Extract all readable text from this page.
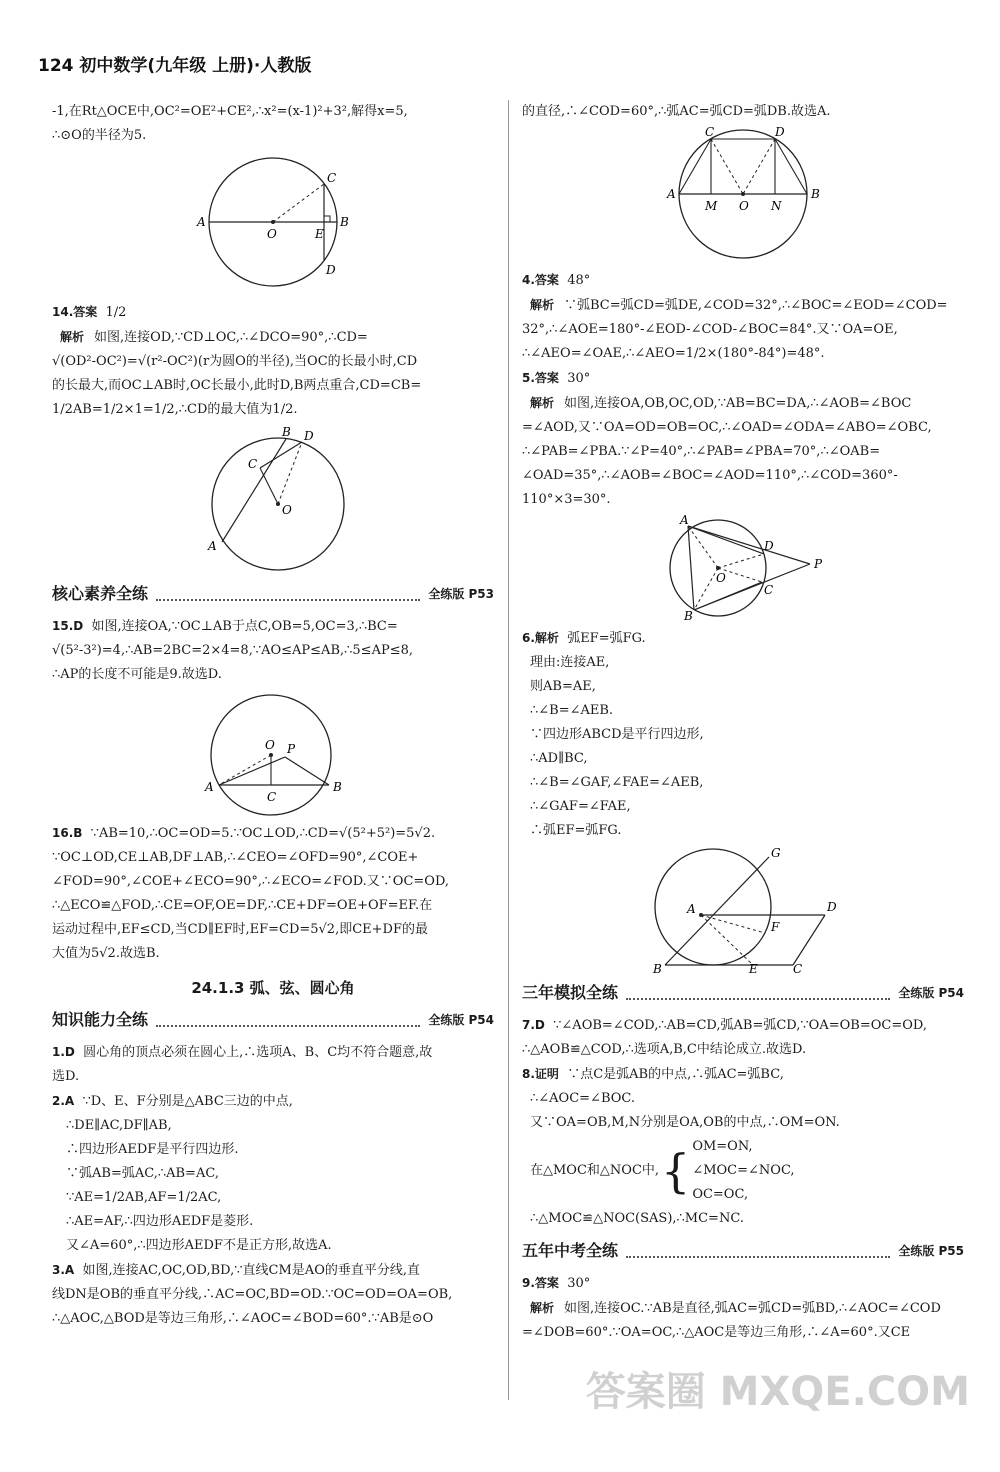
124 初中数学(九年级 上册)·人教版
-1,在Rt△OCE中,OC²=OE²+CE²,∴x²=(x-1)²+3²,解得x=5,
∴⊙O的半径为5.
A
O	E
B
C
D
14.答案 1/2
解析 如图,连接OD,∵CD⊥OC,∴∠DCO=90°,∴CD=
√(OD²-OC²)=√(r²-OC²)(r为圆O的半径),当OC的长最小时,CD
的长最大,而OC⊥AB时,OC长最小,此时D,B两点重合,CD=CB=
1/2AB=1/2×1=1/2,∴CD的最大值为1/2.
B D
C
O
A
核心素养全练	全练版 P53
15.D 如图,连接OA,∵OC⊥AB于点C,OB=5,OC=3,∴BC=
√(5²-3²)=4,∴AB=2BC=2×4=8,∵AO≤AP≤AB,∴5≤AP≤8,
∴AP的长度不可能是9.故选D.
O P
A
C
B
16.B ∵AB=10,∴OC=OD=5.∵OC⊥OD,∴CD=√(5²+5²)=5√2.
∵OC⊥OD,CE⊥AB,DF⊥AB,∴∠CEO=∠OFD=90°,∠COE+
∠FOD=90°,∠COE+∠ECO=90°,∴∠ECO=∠FOD.又∵OC=OD,
∴△ECO≌△FOD,∴CE=OF,OE=DF,∴CE+DF=OE+OF=EF.在
运动过程中,EF≤CD,当CD∥EF时,EF=CD=5√2,即CE+DF的最
大值为5√2.故选B.
24.1.3 弧、弦、圆心角
知识能力全练	全练版 P54
1.D 圆心角的顶点必须在圆心上,∴选项A、B、C均不符合题意,故
选D.
2.A ∵D、E、F分别是△ABC三边的中点,
∴DE∥AC,DF∥AB,
∴四边形AEDF是平行四边形.
∵弧AB=弧AC,∴AB=AC,
∵AE=1/2AB,AF=1/2AC,
∴AE=AF,∴四边形AEDF是菱形.
又∠A=60°,∴四边形AEDF不是正方形,故选A.
3.A 如图,连接AC,OC,OD,BD,∵直线CM是AO的垂直平分线,直
线DN是OB的垂直平分线,∴AC=OC,BD=OD.∵OC=OD=OA=OB,
∴△AOC,△BOD是等边三角形,∴∠AOC=∠BOD=60°.∵AB是⊙O
的直径,∴∠COD=60°,∴弧AC=弧CD=弧DB.故选A.
C	D
A
M O N
B
4.答案 48°
解析 ∵弧BC=弧CD=弧DE,∠COD=32°,∴∠BOC=∠EOD=∠COD=
32°,∴∠AOE=180°-∠EOD-∠COD-∠BOC=84°.又∵OA=OE,
∴∠AEO=∠OAE,∴∠AEO=1/2×(180°-84°)=48°.
5.答案 30°
解析 如图,连接OA,OB,OC,OD,∵AB=BC=DA,∴∠AOB=∠BOC
=∠AOD,又∵OA=OD=OB=OC,∴∠OAD=∠ODA=∠ABO=∠OBC,
∴∠PAB=∠PBA.∵∠P=40°,∴∠PAB=∠PBA=70°,∴∠OAB=
∠OAD=35°,∴∠AOB=∠BOC=∠AOD=110°,∴∠COD=360°-
110°×3=30°.
A
D
P
O
C
B
6.解析 弧EF=弧FG.
理由:连接AE,
则AB=AE,
∴∠B=∠AEB.
∵四边形ABCD是平行四边形,
∴AD∥BC,
∴∠B=∠GAF,∠FAE=∠AEB,
∴∠GAF=∠FAE,
∴弧EF=弧FG.
G
A	D
F
B	E	C
三年模拟全练	全练版 P54
7.D ∵∠AOB=∠COD,∴AB=CD,弧AB=弧CD,∵OA=OB=OC=OD,
∴△AOB≌△COD,∴选项A,B,C中结论成立.故选D.
8.证明 ∵点C是弧AB的中点,∴弧AC=弧BC,
∴∠AOC=∠BOC.
又∵OA=OB,M,N分别是OA,OB的中点,∴OM=ON.
在△MOC和△NOC中, { OM=ON,
∠MOC=∠NOC,
OC=OC,
∴△MOC≌△NOC(SAS),∴MC=NC.
五年中考全练	全练版 P55
9.答案 30°
解析 如图,连接OC.∵AB是直径,弧AC=弧CD=弧BD,∴∠AOC=∠COD
=∠DOB=60°.∵OA=OC,∴△AOC是等边三角形,∴∠A=60°.又CE
答案圈 MXQE.COM
